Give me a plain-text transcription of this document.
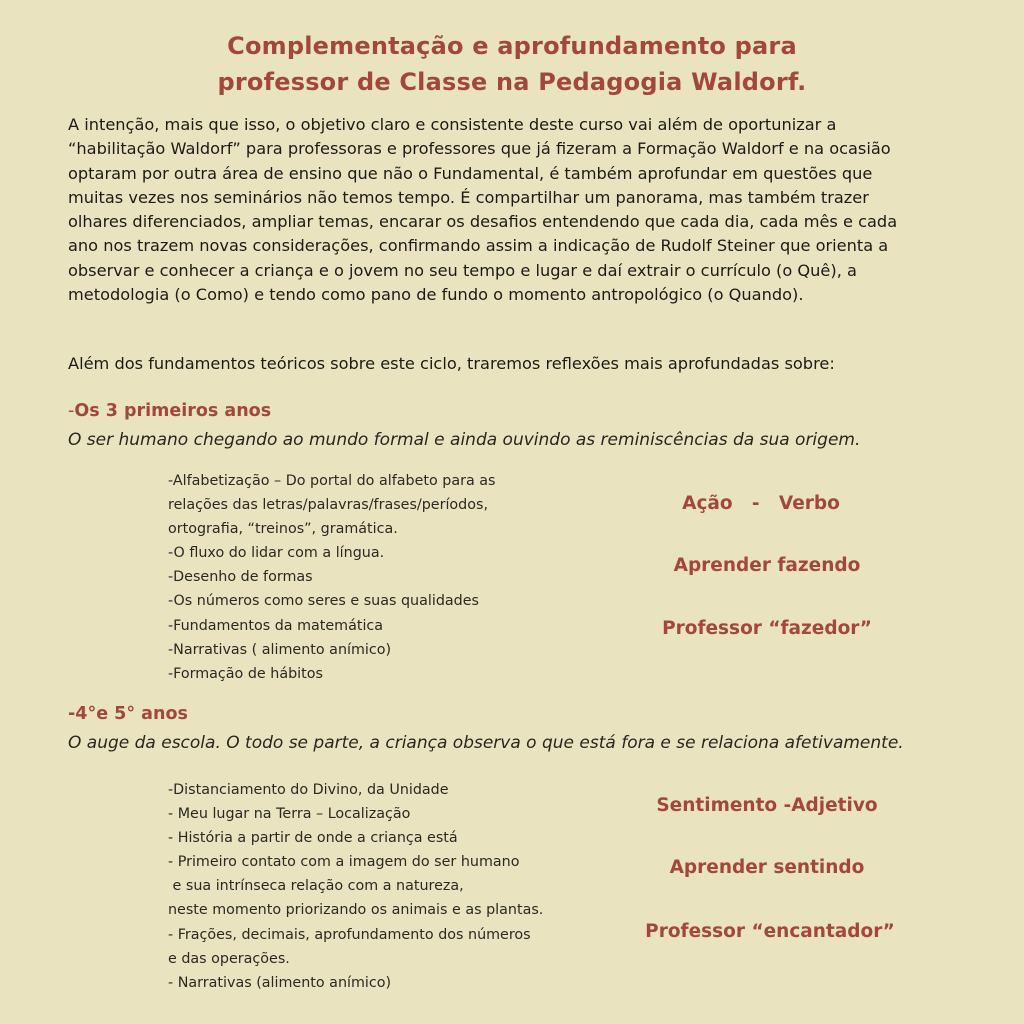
Complementação e aprofundamento para
professor de Classe na Pedagogia Waldorf.
A intenção, mais que isso, o objetivo claro e consistente deste curso vai além de oportunizar a
“habilitação Waldorf” para professoras e professores que já fizeram a Formação Waldorf e na ocasião
optaram por outra área de ensino que não o Fundamental, é também aprofundar em questões que
muitas vezes nos seminários não temos tempo. É compartilhar um panorama, mas também trazer
olhares diferenciados, ampliar temas, encarar os desafios entendendo que cada dia, cada mês e cada
ano nos trazem novas considerações, confirmando assim a indicação de Rudolf Steiner que orienta a
observar e conhecer a criança e o jovem no seu tempo e lugar e daí extrair o currículo (o Quê), a
metodologia (o Como) e tendo como pano de fundo o momento antropológico (o Quando).
Além dos fundamentos teóricos sobre este ciclo, traremos reflexões mais aprofundadas sobre:
-Os 3 primeiros anos
O ser humano chegando ao mundo formal e ainda ouvindo as reminiscências da sua origem.
-Alfabetização – Do portal do alfabeto para as
relações das letras/palavras/frases/períodos,
ortografia, “treinos”, gramática.
-O fluxo do lidar com a língua.
-Desenho de formas
-Os números como seres e suas qualidades
-Fundamentos da matemática
-Narrativas ( alimento anímico)
-Formação de hábitos
Ação   -   Verbo
Aprender fazendo
Professor “fazedor”
-4°e 5° anos
O auge da escola. O todo se parte, a criança observa o que está fora e se relaciona afetivamente.
-Distanciamento do Divino, da Unidade
- Meu lugar na Terra – Localização
- História a partir de onde a criança está
- Primeiro contato com a imagem do ser humano
e sua intrínseca relação com a natureza,
neste momento priorizando os animais e as plantas.
- Frações, decimais, aprofundamento dos números
e das operações.
- Narrativas (alimento anímico)
Sentimento -Adjetivo
Aprender sentindo
Professor “encantador”
